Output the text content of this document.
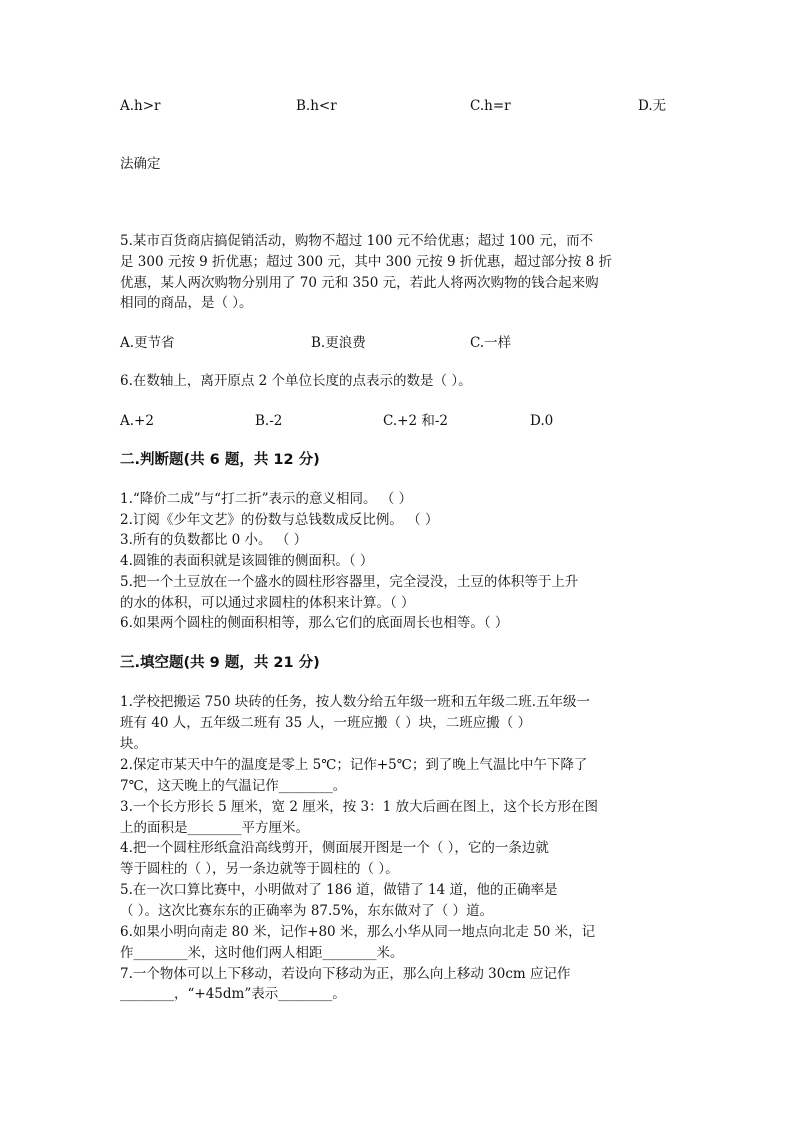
A.h>r	B.h<r	C.h=r	D.无
法确定
5.某市百货商店搞促销活动，购物不超过 100 元不给优惠；超过 100 元，而不
足 300 元按 9 折优惠；超过 300 元，其中 300 元按 9 折优惠，超过部分按 8 折
优惠，某人两次购物分别用了 70 元和 350 元，若此人将两次购物的钱合起来购
相同的商品，是（ ）。
A.更节省	B.更浪费	C.一样
6.在数轴上，离开原点 2 个单位长度的点表示的数是（ ）。
A.+2	B.-2	C.+2 和-2	D.0
二.判断题(共 6 题，共 12 分)
1.“降价二成”与“打二折”表示的意义相同。 （ ）
2.订阅《少年文艺》的份数与总钱数成反比例。 （ ）
3.所有的负数都比 0 小。 （ ）
4.圆锥的表面积就是该圆锥的侧面积。（ ）
5.把一个土豆放在一个盛水的圆柱形容器里，完全浸没，土豆的体积等于上升
的水的体积，可以通过求圆柱的体积来计算。（ ）
6.如果两个圆柱的侧面积相等，那么它们的底面周长也相等。（ ）
三.填空题(共 9 题，共 21 分)
1.学校把搬运 750 块砖的任务，按人数分给五年级一班和五年级二班.五年级一
班有 40 人，五年级二班有 35 人，一班应搬（ ）块，二班应搬（ ）
块。
2.保定市某天中午的温度是零上 5℃；记作+5℃；到了晚上气温比中午下降了
7℃，这天晚上的气温记作________。
3.一个长方形长 5 厘米，宽 2 厘米，按 3：1 放大后画在图上，这个长方形在图
上的面积是________平方厘米。
4.把一个圆柱形纸盒沿高线剪开，侧面展开图是一个（ ），它的一条边就
等于圆柱的（ ），另一条边就等于圆柱的（ ）。
5.在一次口算比赛中，小明做对了 186 道，做错了 14 道，他的正确率是
（ ）。这次比赛东东的正确率为 87.5%，东东做对了（ ）道。
6.如果小明向南走 80 米，记作+80 米，那么小华从同一地点向北走 50 米，记
作________米，这时他们两人相距________米。
7.一个物体可以上下移动，若设向下移动为正，那么向上移动 30cm 应记作
________，“+45dm”表示________。
